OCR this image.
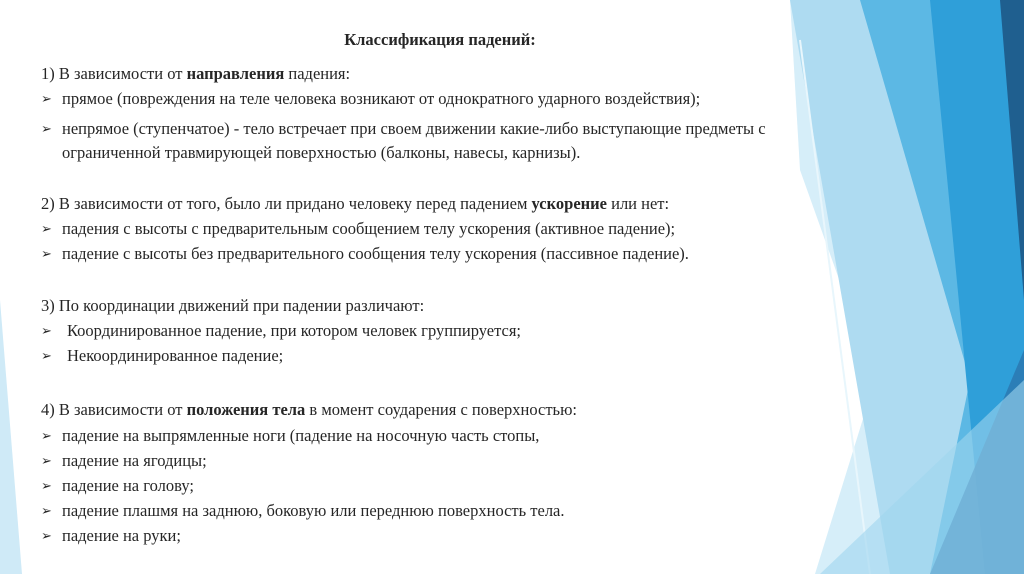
Классификация падений:
1) В зависимости от направления падения:
➢ прямое (повреждения на теле человека возникают от однократного ударного воздействия);
➢ непрямое (ступенчатое) - тело встречает при своем движении какие-либо выступающие предметы с
ограниченной травмирующей поверхностью (балконы, навесы, карнизы).
2) В зависимости от того, было ли придано человеку перед падением ускорение или нет:
➢ падения с высоты с предварительным сообщением телу ускорения (активное падение);
➢ падение с высоты без предварительного сообщения телу ускорения (пассивное падение).
3) По координации движений при падении различают:
➢ Координированное падение, при котором человек группируется;
➢ Некоординированное падение;
4) В зависимости от положения тела в момент соударения с поверхностью:
➢ падение на выпрямленные ноги (падение на носочную часть стопы,
➢ падение на ягодицы;
➢ падение на голову;
➢ падение плашмя на заднюю, боковую или переднюю поверхность тела.
➢ падение на руки;
